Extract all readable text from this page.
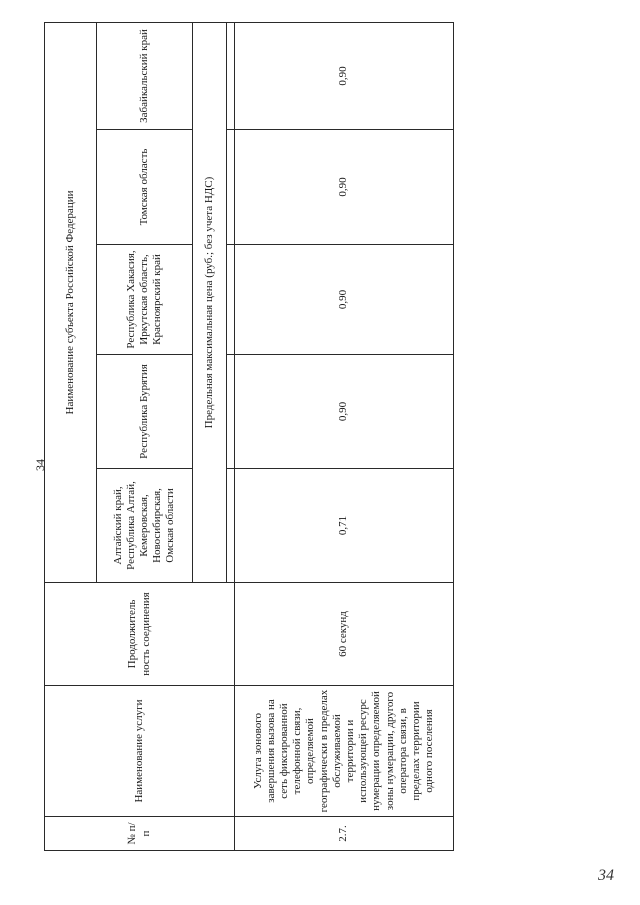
34
№ п/п	Наименование услуги	Продолжитель ность соединения	Наименование субъекта Российской Федерации				
			Алтайский край, Республика Алтай, Кемеровская, Новосибирская, Омская области	Республика Бурятия	Республика Хакасия, Иркутская область, Красноярский край	Томская область	Забайкальский край
			Предельная максимальная цена (руб.; без учета НДС)				

2.7.	Услуга зонового завершения вызова на сеть фиксированной телефонной связи, определяемой географически в пределах обслуживаемой территории и использующей ресурс нумерации определяемой зоны нумерации, другого оператора связи, в пределах территории одного поселения	60 секунд	0,71	0,90	0,90	0,90	0,90
34
